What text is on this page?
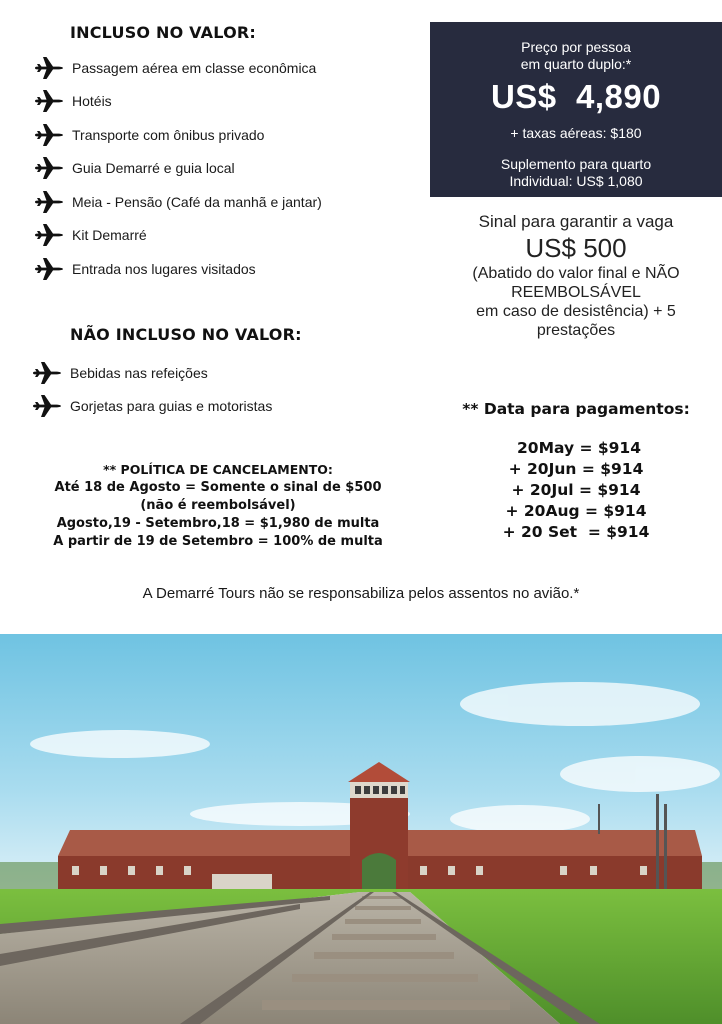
INCLUSO NO VALOR:
Passagem aérea em classe econômica
Hotéis
Transporte com ônibus privado
Guia Demarré e guia local
Meia - Pensão (Café da manhã e jantar)
Kit Demarré
Entrada nos lugares visitados
NÃO INCLUSO NO VALOR:
Bebidas nas refeições
Gorjetas para guias e motoristas
Preço por pessoa
em quarto duplo:*
US$  4,890
+ taxas aéreas: $180
Suplemento para quarto
Individual: US$ 1,080
Sinal para garantir a vaga
US$ 500
(Abatido do valor final e NÃO
REEMBOLSÁVEL
em caso de desistência) + 5
prestações
** Data para pagamentos:
20May = $914
+ 20Jun = $914
+ 20Jul = $914
+ 20Aug = $914
+ 20 Set  = $914
** POLÍTICA DE CANCELAMENTO:
Até 18 de Agosto = Somente o sinal de $500
(não é reembolsável)
Agosto,19 - Setembro,18 = $1,980 de multa
A partir de 19 de Setembro = 100% de multa
A Demarré Tours não se responsabiliza pelos assentos no avião.*
